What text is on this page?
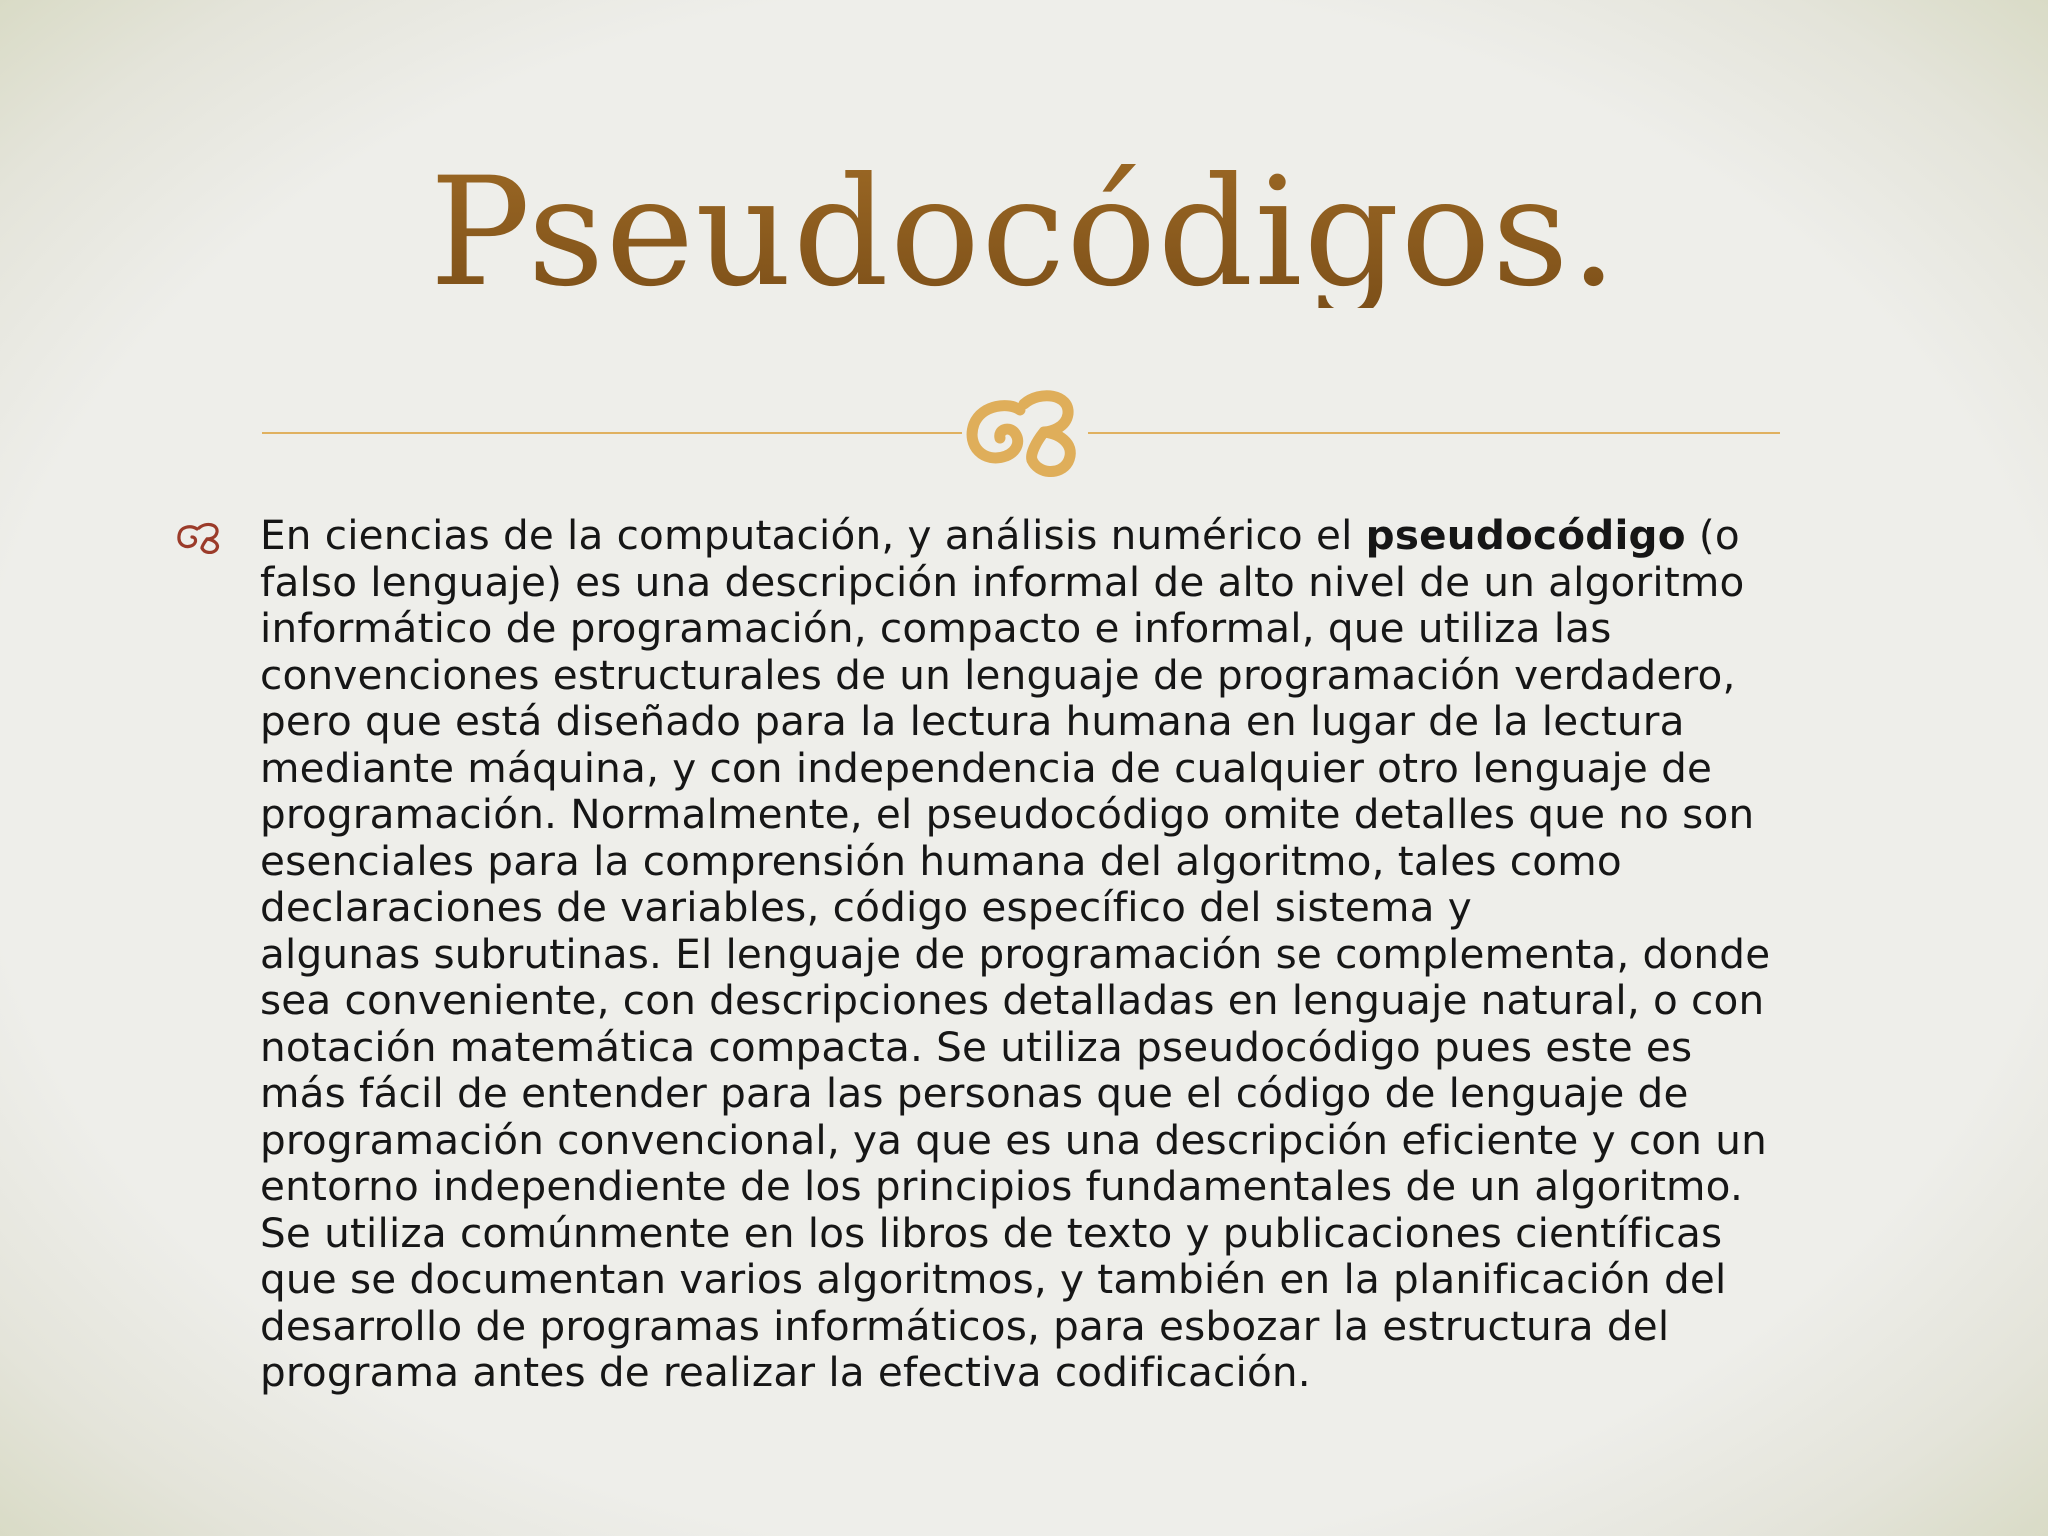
Pseudocódigos.

En ciencias de la computación, y análisis numérico el pseudocódigo (o
falso lenguaje) es una descripción informal de alto nivel de un algoritmo
informático de programación, compacto e informal, que utiliza las
convenciones estructurales de un lenguaje de programación verdadero,
pero que está diseñado para la lectura humana en lugar de la lectura
mediante máquina, y con independencia de cualquier otro lenguaje de
programación. Normalmente, el pseudocódigo omite detalles que no son
esenciales para la comprensión humana del algoritmo, tales como
declaraciones de variables, código específico del sistema y
algunas subrutinas. El lenguaje de programación se complementa, donde
sea conveniente, con descripciones detalladas en lenguaje natural, o con
notación matemática compacta. Se utiliza pseudocódigo pues este es
más fácil de entender para las personas que el código de lenguaje de
programación convencional, ya que es una descripción eficiente y con un
entorno independiente de los principios fundamentales de un algoritmo.
Se utiliza comúnmente en los libros de texto y publicaciones científicas
que se documentan varios algoritmos, y también en la planificación del
desarrollo de programas informáticos, para esbozar la estructura del
programa antes de realizar la efectiva codificación.
